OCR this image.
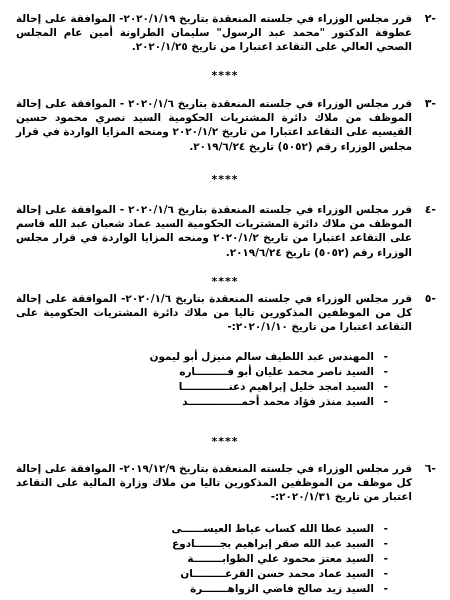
-٢

قرر مجلس الوزراء في جلسته المنعقدة بتاريخ ٢٠٢٠/١/١٩- الموافقة على إحالة عطوفة الدكتور "محمد عبد الرسول" سليمان الطراونة أمين عام المجلس الصحي العالي على التقاعد اعتبارا من تاريخ ٢٠٢٠/١/٢٥.

****
-٣

قرر مجلس الوزراء في جلسته المنعقدة بتاريخ ٢٠٢٠/١/٦ - الموافقة على إحالة الموظف من ملاك دائرة المشتريات الحكومية السيد نصري محمود حسين القيسيه على التقاعد اعتبارا من تاريخ ٢٠٢٠/١/٢ ومنحه المزايا الواردة في قرار مجلس الوزراء رقم (٥٠٥٢) تاريخ ٢٠١٩/٦/٢٤.

****
-٤

قرر مجلس الوزراء في جلسته المنعقدة بتاريخ ٢٠٢٠/١/٦ - الموافقة على إحالة الموظف من ملاك دائرة المشتريات الحكومية السيد عماد شعبان عبد الله قاسم على التقاعد اعتبارا من تاريخ ٢٠٢٠/١/٢ ومنحه المزايا الواردة في قرار مجلس الوزراء رقم (٥٠٥٢) تاريخ ٢٠١٩/٦/٢٤.

****
-٥

قرر مجلس الوزراء في جلسته المنعقدة بتاريخ ٢٠٢٠/١/٦- الموافقة على إحالة كل من الموظفين المذكورين تاليا من ملاك دائرة المشتريات الحكومية على التقاعد اعتبارا من تاريخ ٢٠٢٠/١/١٠:-

-المهندس عبد اللطيف سالم منيزل أبو ليمون
-السيد ناصر محمد عليان أبو فـــــــــاره
-السيد امجد خليل إبراهيم دعنـــــــــــــا
-السيد منذر فؤاد محمد أحمـــــــــــــــد
****
-٦

قرر مجلس الوزراء في جلسته المنعقدة بتاريخ ٢٠١٩/١٢/٩- الموافقة على إحالة كل موظف من الموظفين المذكورين تاليا من ملاك وزارة المالية على التقاعد اعتبار من تاريخ ٢٠٢٠/١/٣١:-

-السيد عطا الله كساب عياط العيســــــى
-السيد عبد الله صقر إبراهيم بجـــــــادوع
-السيد معتز محمود علي الطوابــــــــة
-السيد عماد محمد حسن القرعـــــــــان
-السيد زيد صالح فاضي الزواهـــــــرة
